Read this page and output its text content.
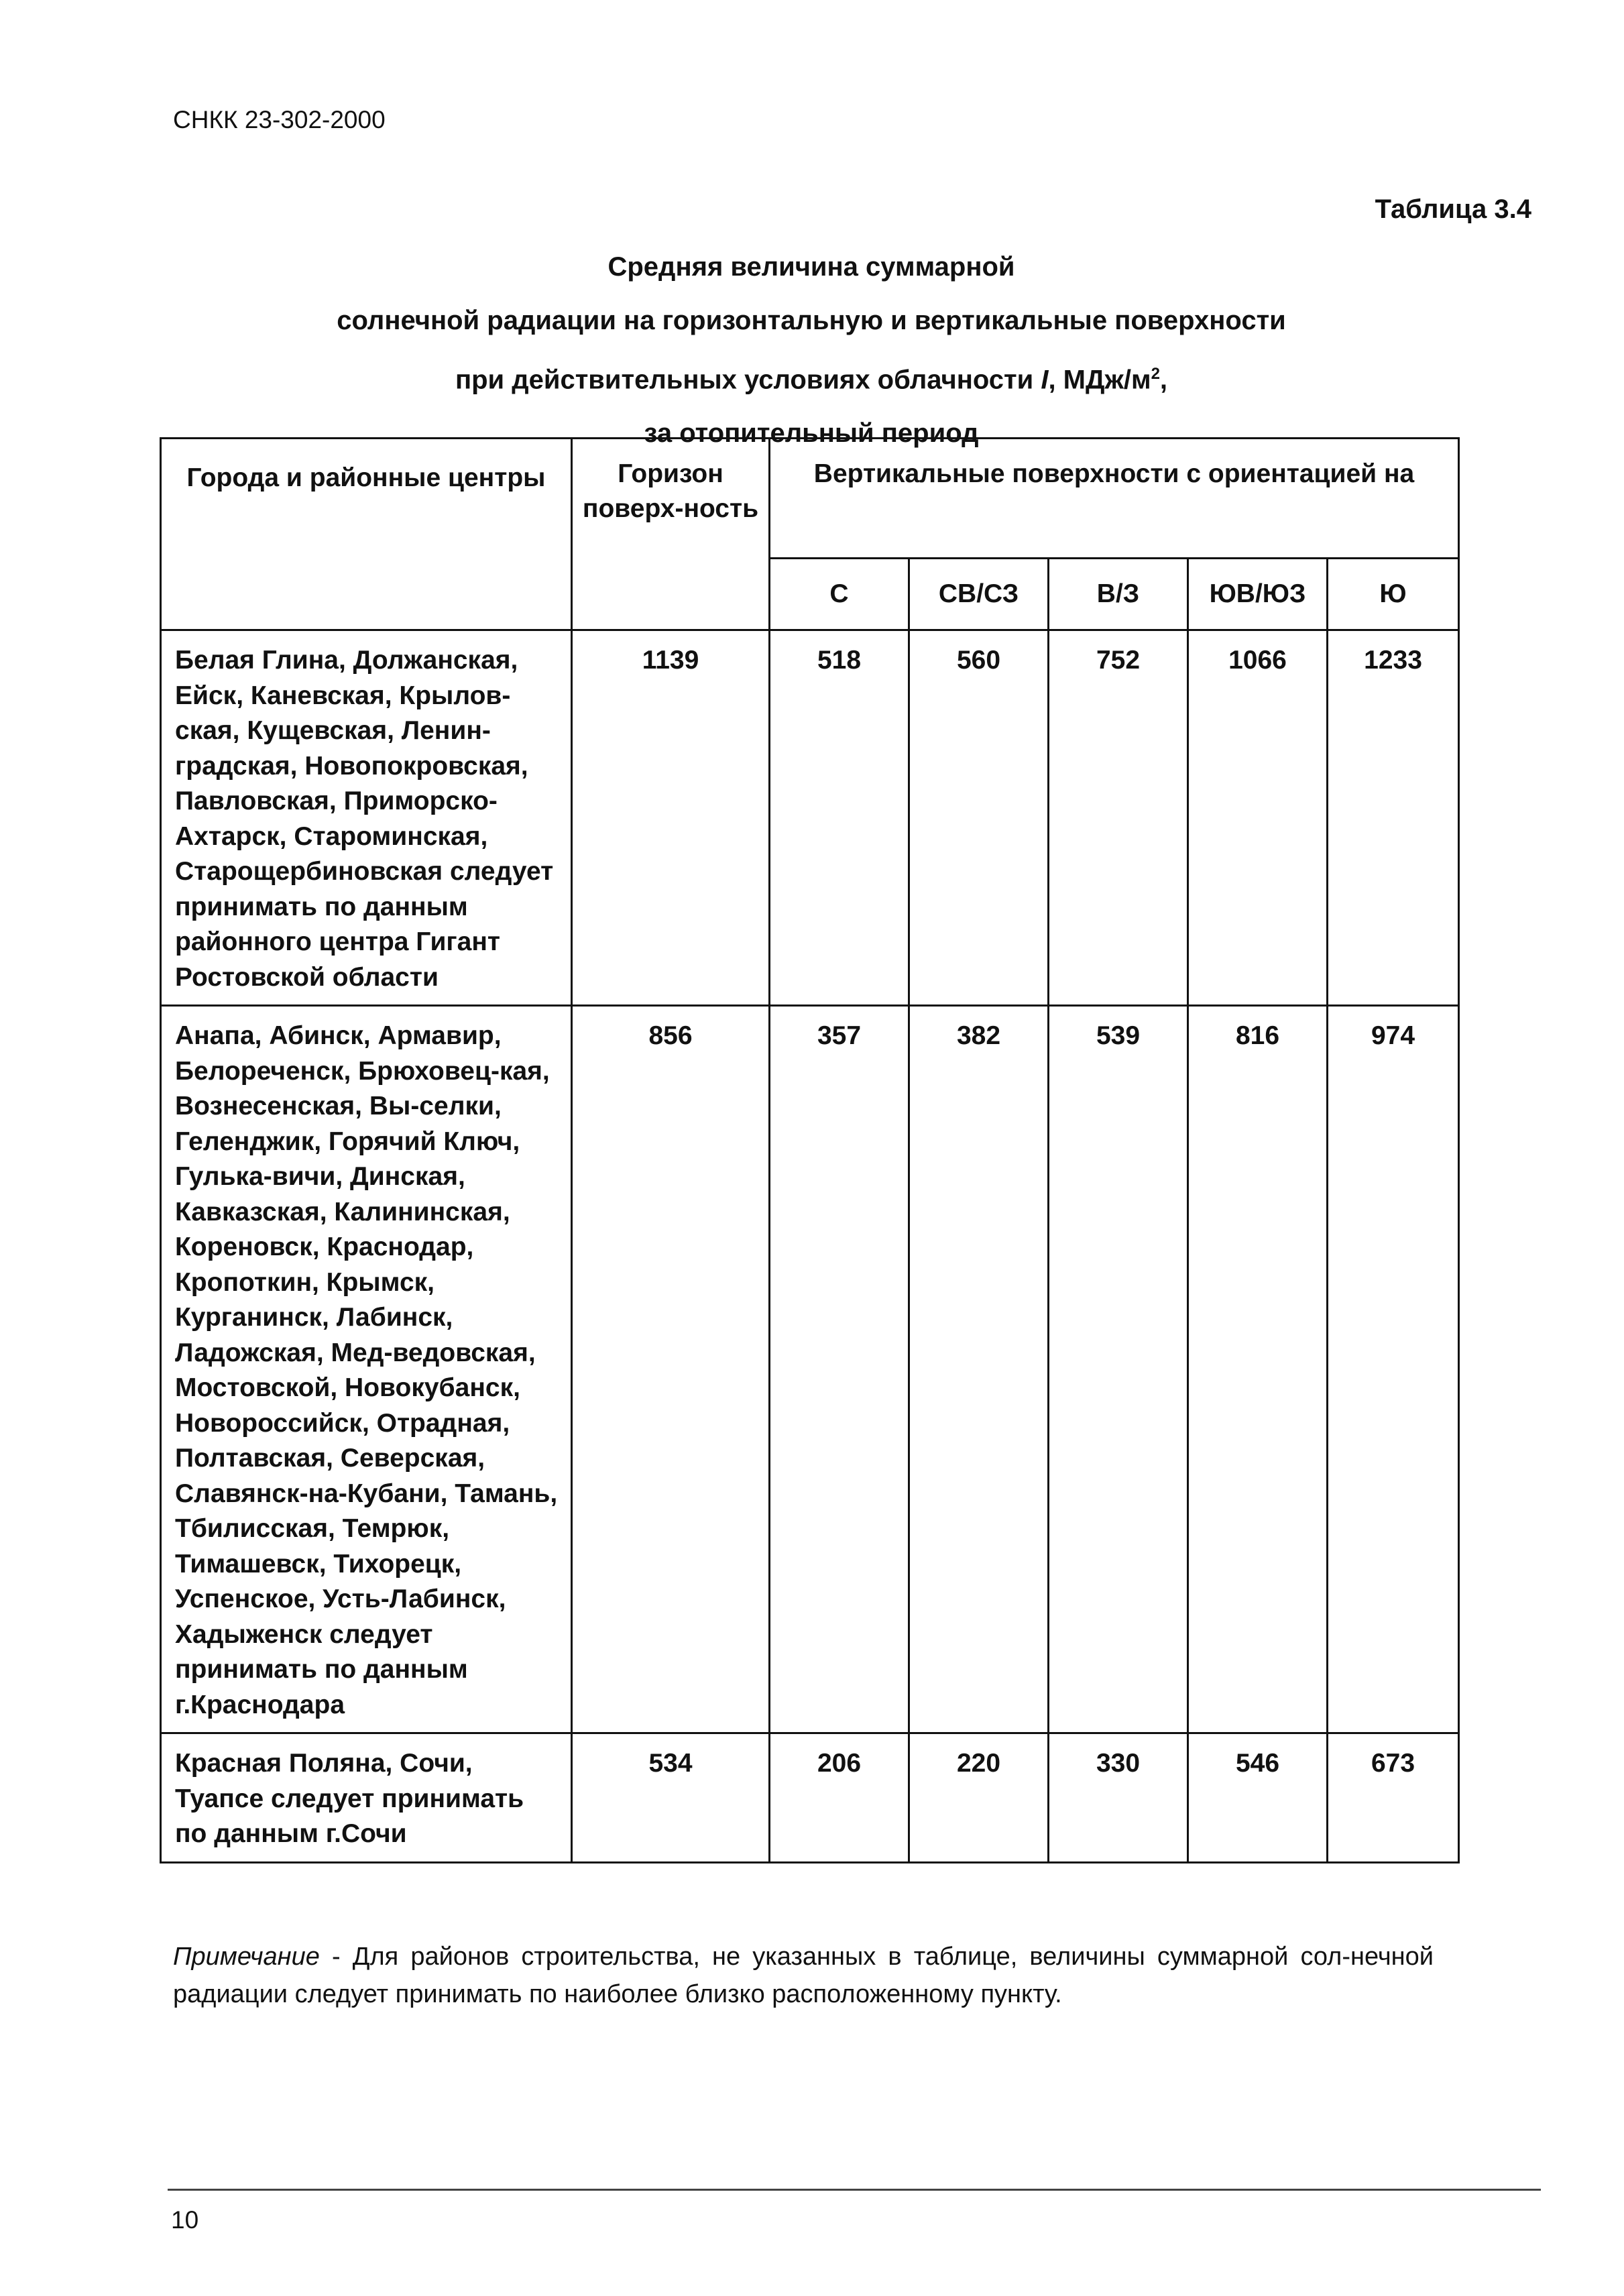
СНКК 23-302-2000
Таблица 3.4
Средняя величина суммарной
солнечной радиации на горизонтальную и вертикальные поверхности
при действительных условиях облачности I, МДж/$м^2$,
за отопительный период
Города и районные центры	Горизон поверх-ность	Вертикальные поверхности с ориентацией на				
		С	СВ/СЗ	В/З	ЮВ/ЮЗ	Ю
Белая Глина, Должанская, Ейск, Каневская, Крылов-ская, Кущевская, Ленин-градская, Новопокровская, Павловская, Приморско-Ахтарск, Староминская, Старощербиновская следует принимать по данным районного центра Гигант Ростовской области	1139	518	560	752	1066	1233
Анапа, Абинск, Армавир, Белореченск, Брюховец-кая, Вознесенская, Вы-селки, Геленджик, Горячий Ключ, Гулька-вичи, Динская, Кавказская, Калининская, Кореновск, Краснодар, Кропоткин, Крымск, Курганинск, Лабинск, Ладожская, Мед-ведовская, Мостовской, Новокубанск, Новороссийск, Отрадная, Полтавская, Северская, Славянск-на-Кубани, Тамань, Тбилисская, Темрюк, Тимашевск, Тихорецк, Успенское, Усть-Лабинск, Хадыженск следует принимать по данным г.Краснодара	856	357	382	539	816	974
Красная Поляна, Сочи, Туапсе следует принимать по данным г.Сочи	534	206	220	330	546	673
Примечание - Для районов строительства, не указанных в таблице, величины суммарной сол-нечной радиации следует принимать по наиболее близко расположенному пункту.
10
